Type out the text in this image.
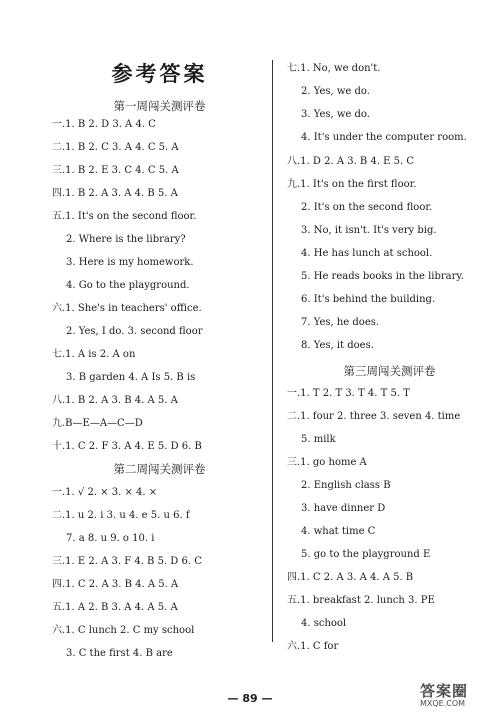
参考答案
第一周闯关测评卷
第二周闯关测评卷
一.1. B 2. D 3. A 4. C
二.1. B 2. C 3. A 4. C 5. A
三.1. B 2. E 3. C 4. C 5. A
四.1. B 2. A 3. A 4. B 5. A
五.1. It's on the second floor.
2. Where is the library?
3. Here is my homework.
4. Go to the playground.
六.1. She's in teachers' office.
2. Yes, I do. 3. second floor
七.1. A is 2. A on
3. B garden 4. A Is 5. B is
八.1. B 2. A 3. B 4. A 5. A
九.B—E—A—C—D
十.1. C 2. F 3. A 4. E 5. D 6. B
一.1. √ 2. × 3. × 4. ×
二.1. u 2. i 3. u 4. e 5. u 6. f
7. a 8. u 9. o 10. i
三.1. E 2. A 3. F 4. B 5. D 6. C
四.1. C 2. A 3. B 4. A 5. A
五.1. A 2. B 3. A 4. A 5. A
六.1. C lunch 2. C my school
3. C the first 4. B are
七.1. No, we don't.
2. Yes, we do.
3. Yes, we do.
4. It's under the computer room.
八.1. D 2. A 3. B 4. E 5. C
九.1. It's on the first floor.
2. It's on the second floor.
3. No, it isn't. It's very big.
4. He has lunch at school.
5. He reads books in the library.
6. It's behind the building.
7. Yes, he does.
8. Yes, it does.
第三周闯关测评卷
一.1. T 2. T 3. T 4. T 5. T
二.1. four 2. three 3. seven 4. time
5. milk
三.1. go home A
2. English class B
3. have dinner D
4. what time C
5. go to the playground E
四.1. C 2. A 3. A 4. A 5. B
五.1. breakfast 2. lunch 3. PE
4. school
六.1. C for
— 89 —	答案圈
MXQE.COM
